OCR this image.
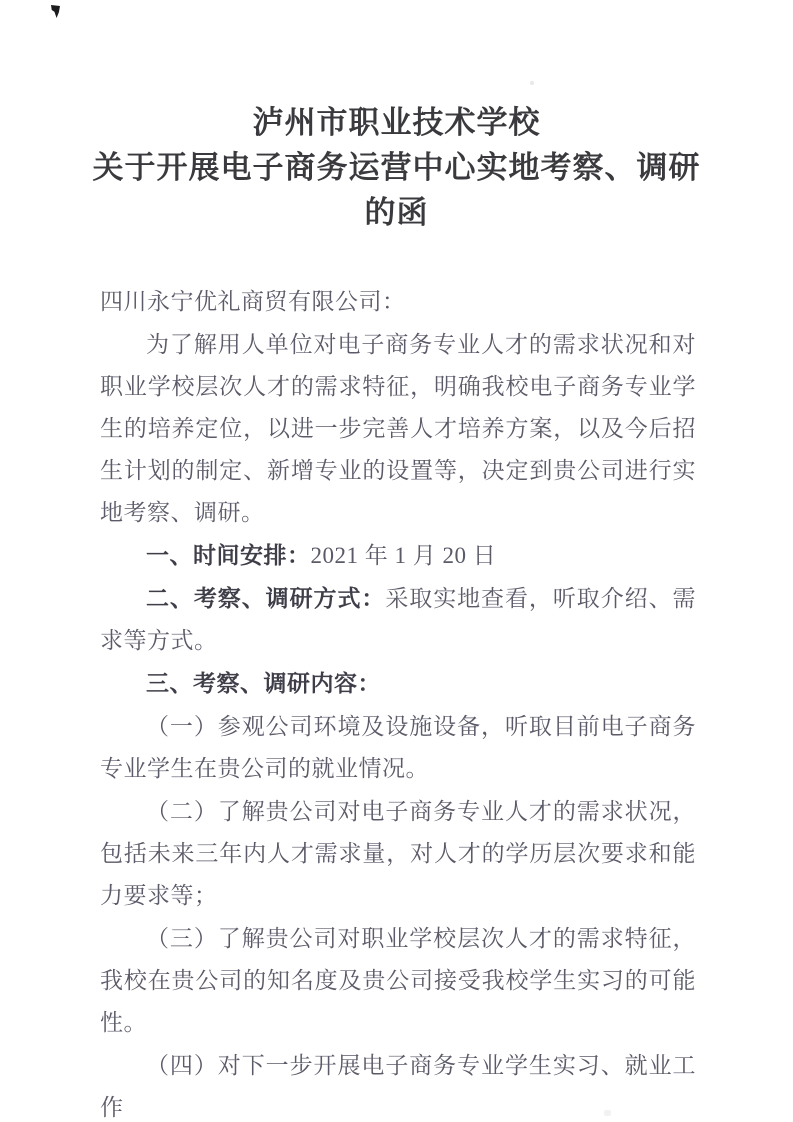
泸州市职业技术学校
关于开展电子商务运营中心实地考察、调研
的函

四川永宁优礼商贸有限公司：

为了解用人单位对电子商务专业人才的需求状况和对职业学校层次人才的需求特征，明确我校电子商务专业学生的培养定位，以进一步完善人才培养方案，以及今后招生计划的制定、新增专业的设置等，决定到贵公司进行实地考察、调研。

一、时间安排：2021 年 1 月 20 日

二、考察、调研方式：采取实地查看，听取介绍、需求等方式。

三、考察、调研内容：

（一）参观公司环境及设施设备，听取目前电子商务专业学生在贵公司的就业情况。

（二）了解贵公司对电子商务专业人才的需求状况，包括未来三年内人才需求量，对人才的学历层次要求和能力要求等；

（三）了解贵公司对职业学校层次人才的需求特征，我校在贵公司的知名度及贵公司接受我校学生实习的可能性。

（四）对下一步开展电子商务专业学生实习、就业工作
